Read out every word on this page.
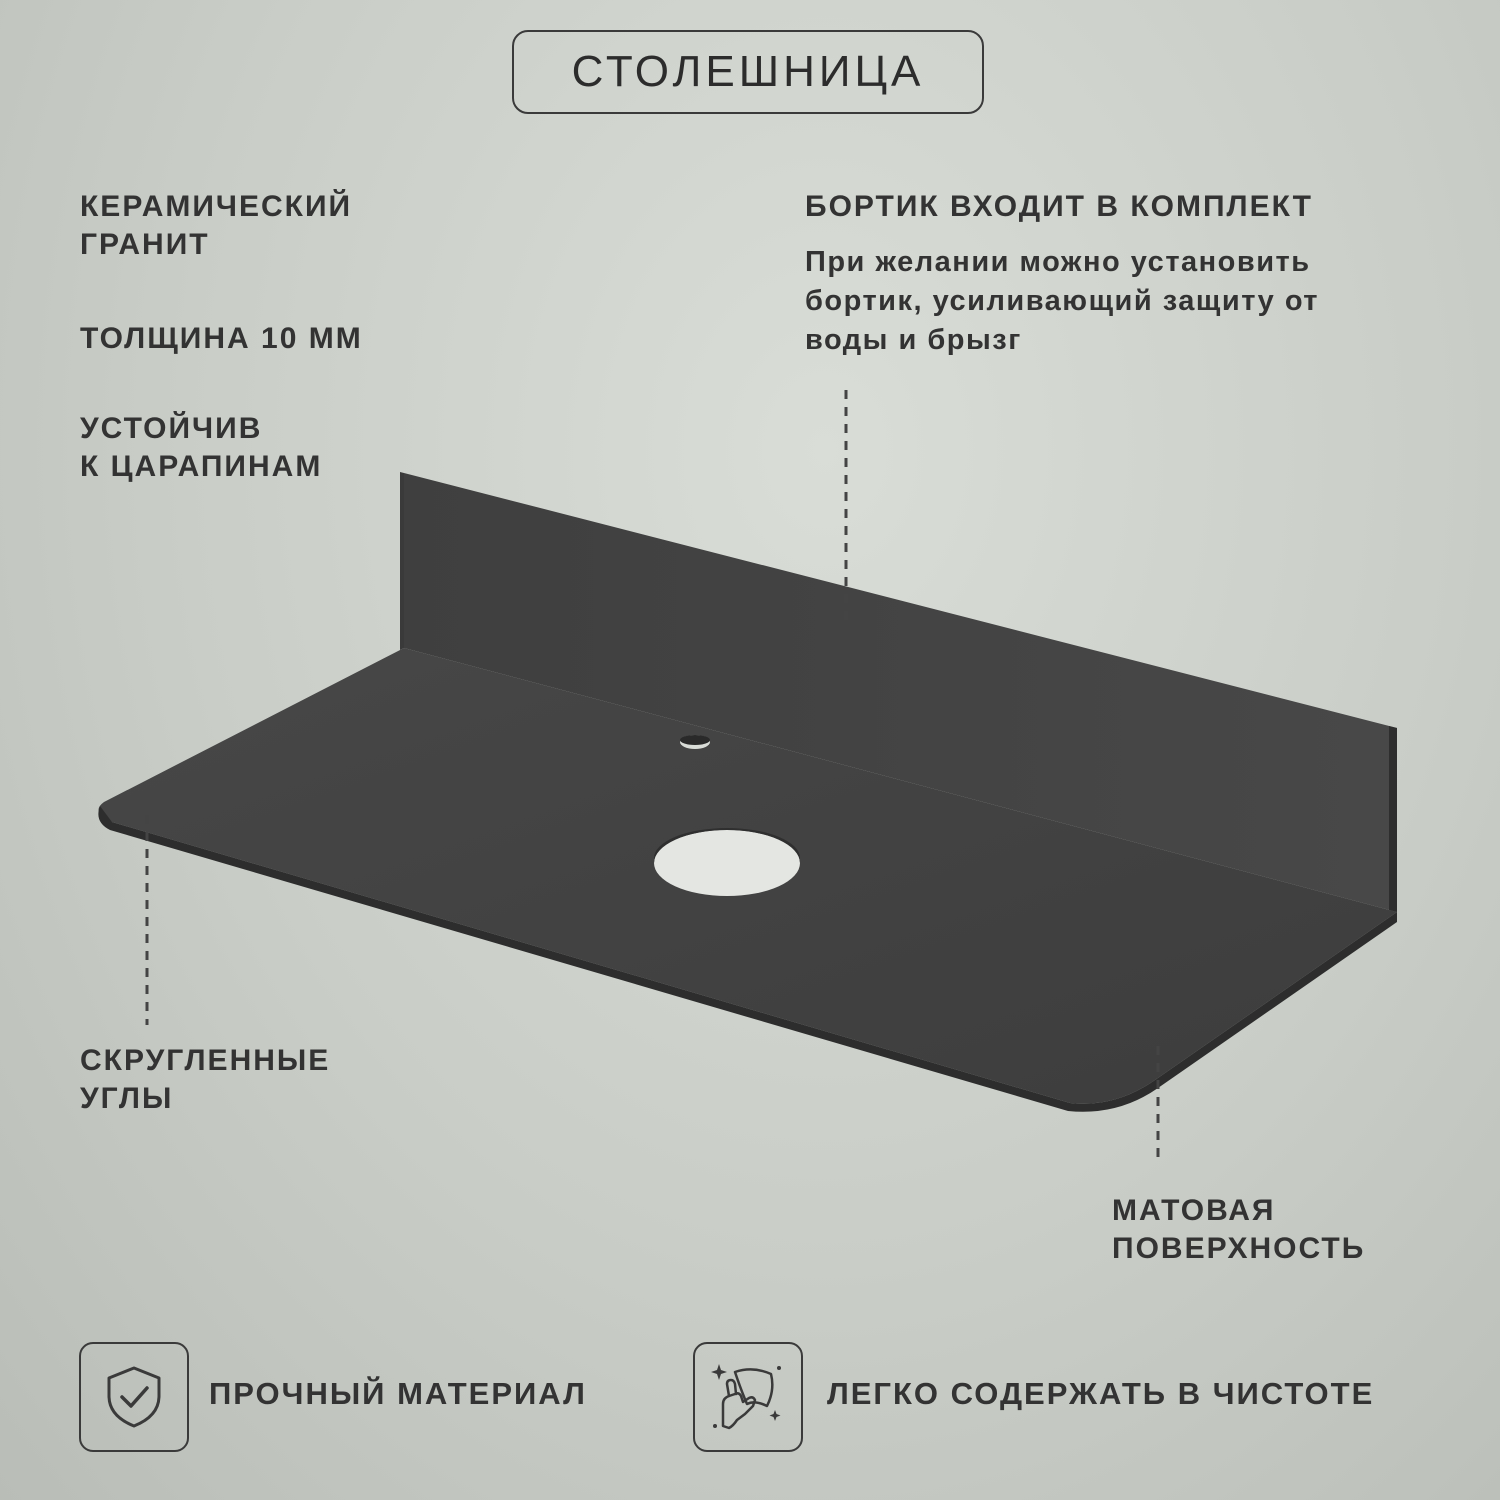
СТОЛЕШНИЦА
КЕРАМИЧЕСКИЙ
ГРАНИТ
ТОЛЩИНА 10 ММ
УСТОЙЧИВ
К ЦАРАПИНАМ
СКРУГЛЕННЫЕ
УГЛЫ
БОРТИК ВХОДИТ В КОМПЛЕКТ
При желании можно установить
бортик, усиливающий защиту от
воды и брызг
МАТОВАЯ
ПОВЕРХНОСТЬ
ПРОЧНЫЙ МАТЕРИАЛ	ЛЕГКО СОДЕРЖАТЬ В ЧИСТОТЕ
